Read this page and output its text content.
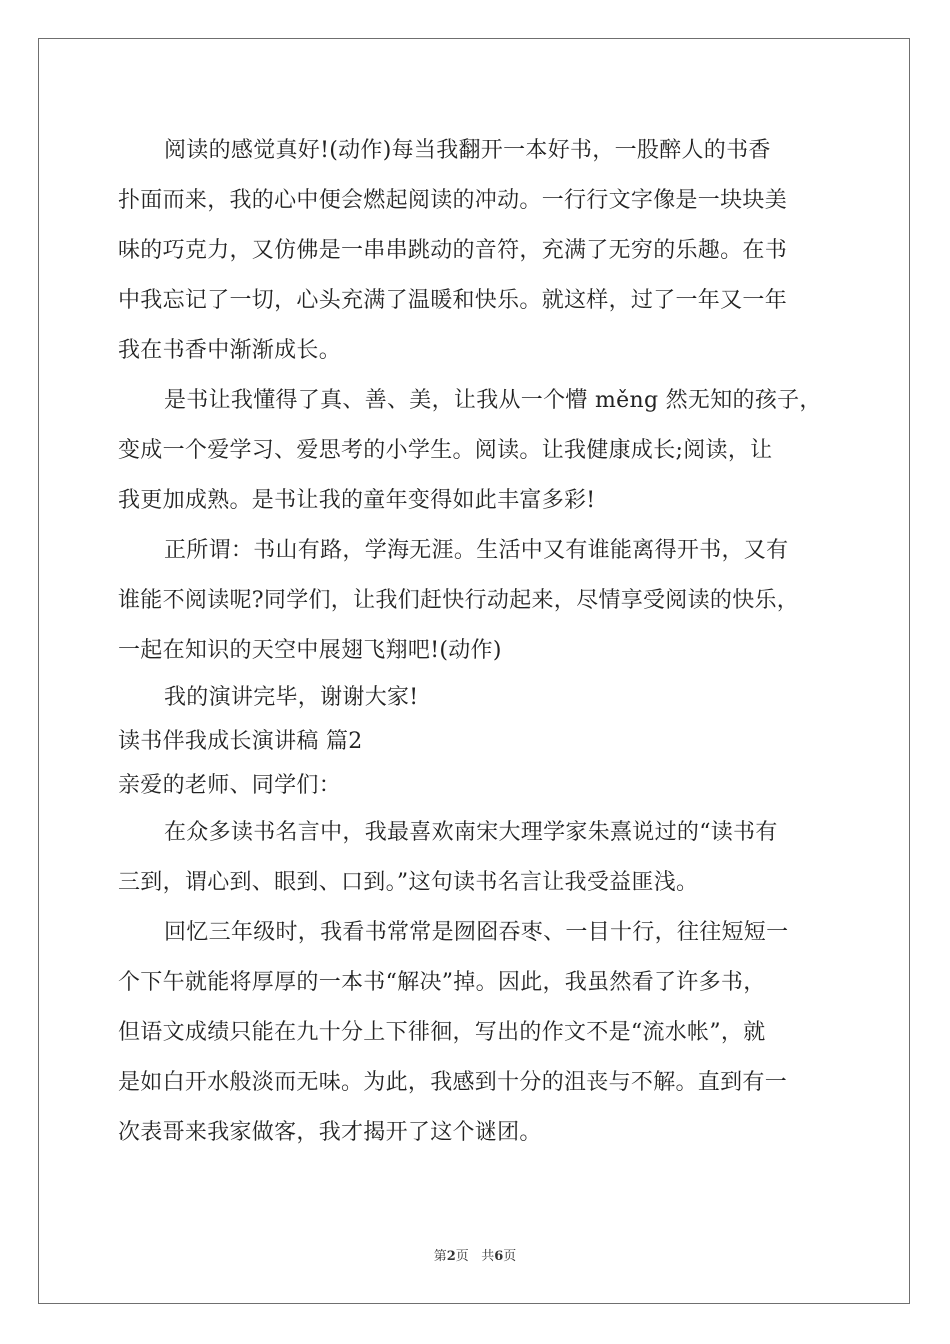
阅读的感觉真好!(动作)每当我翻开一本好书，一股醉人的书香
扑面而来，我的心中便会燃起阅读的冲动。一行行文字像是一块块美
味的巧克力，又仿佛是一串串跳动的音符，充满了无穷的乐趣。在书
中我忘记了一切，心头充满了温暖和快乐。就这样，过了一年又一年
我在书香中渐渐成长。
是书让我懂得了真、善、美，让我从一个懵 měng 然无知的孩子，
变成一个爱学习、爱思考的小学生。阅读。让我健康成长;阅读，让
我更加成熟。是书让我的童年变得如此丰富多彩!
正所谓：书山有路，学海无涯。生活中又有谁能离得开书，又有
谁能不阅读呢?同学们，让我们赶快行动起来，尽情享受阅读的快乐，
一起在知识的天空中展翅飞翔吧!(动作)
我的演讲完毕，谢谢大家!
读书伴我成长演讲稿 篇2
亲爱的老师、同学们：
在众多读书名言中，我最喜欢南宋大理学家朱熹说过的“读书有
三到，谓心到、眼到、口到。”这句读书名言让我受益匪浅。
回忆三年级时，我看书常常是囫囵吞枣、一目十行，往往短短一
个下午就能将厚厚的一本书“解决”掉。因此，我虽然看了许多书，
但语文成绩只能在九十分上下徘徊，写出的作文不是“流水帐”，就
是如白开水般淡而无味。为此，我感到十分的沮丧与不解。直到有一
次表哥来我家做客，我才揭开了这个谜团。
第2页 共6页
